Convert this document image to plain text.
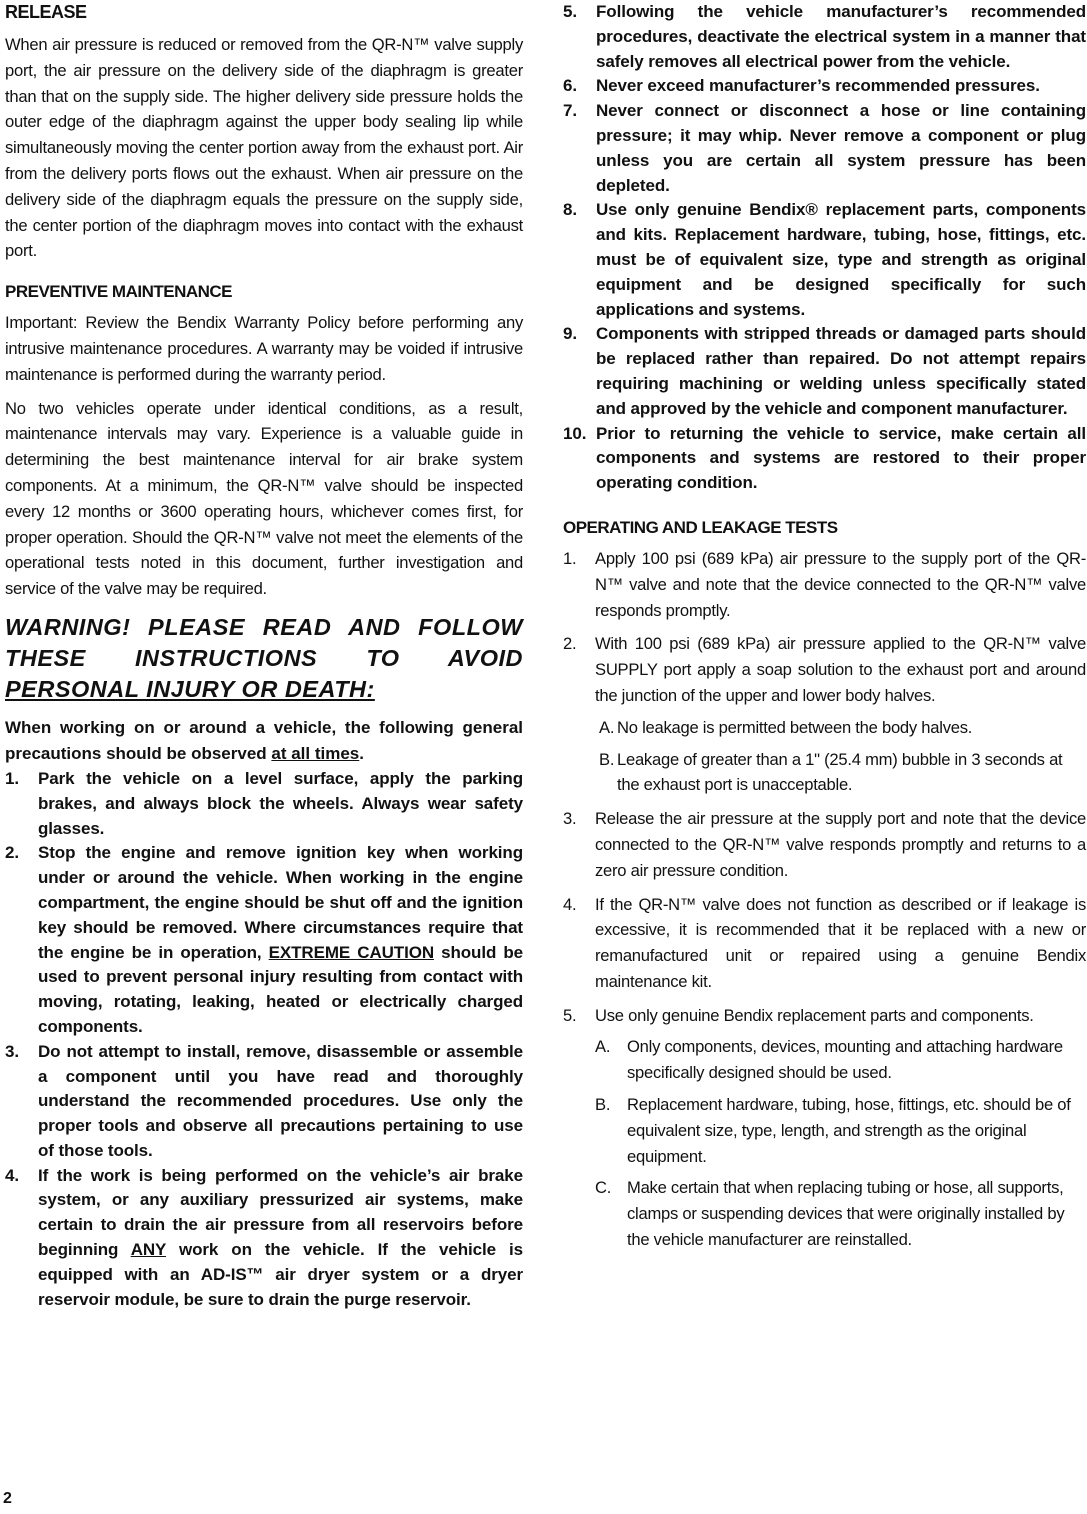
RELEASE

When air pressure is reduced or removed from the QR-N™ valve supply port, the air pressure on the delivery side of the diaphragm is greater than that on the supply side. The higher delivery side pressure holds the outer edge of the diaphragm against the upper body sealing lip while simultaneously moving the center portion away from the exhaust port. Air from the delivery ports flows out the exhaust. When air pressure on the delivery side of the diaphragm equals the pressure on the supply side, the center portion of the diaphragm moves into contact with the exhaust port.

PREVENTIVE MAINTENANCE

Important: Review the Bendix Warranty Policy before performing any intrusive maintenance procedures. A warranty may be voided if intrusive maintenance is performed during the warranty period.

No two vehicles operate under identical conditions, as a result, maintenance intervals may vary. Experience is a valuable guide in determining the best maintenance interval for air brake system components. At a minimum, the QR-N™ valve should be inspected every 12 months or 3600 operating hours, whichever comes first, for proper operation. Should the QR-N™ valve not meet the elements of the operational tests noted in this document, further investigation and service of the valve may be required.

WARNING! PLEASE READ AND FOLLOW
THESE INSTRUCTIONS TO AVOID
PERSONAL INJURY OR DEATH:

When working on or around a vehicle, the following general precautions should be observed at all times.

1. Park the vehicle on a level surface, apply the parking brakes, and always block the wheels. Always wear safety glasses.
2. Stop the engine and remove ignition key when working under or around the vehicle. When working in the engine compartment, the engine should be shut off and the ignition key should be removed. Where circumstances require that the engine be in operation, EXTREME CAUTION should be used to prevent personal injury resulting from contact with moving, rotating, leaking, heated or electrically charged components.
3. Do not attempt to install, remove, disassemble or assemble a component until you have read and thoroughly understand the recommended procedures. Use only the proper tools and observe all precautions pertaining to use of those tools.
4. If the work is being performed on the vehicle’s air brake system, or any auxiliary pressurized air systems, make certain to drain the air pressure from all reservoirs before beginning ANY work on the vehicle. If the vehicle is equipped with an AD-IS™ air dryer system or a dryer reservoir module, be sure to drain the purge reservoir.
5. Following the vehicle manufacturer’s recommended procedures, deactivate the electrical system in a manner that safely removes all electrical power from the vehicle.
6. Never exceed manufacturer’s recommended pressures.
7. Never connect or disconnect a hose or line containing pressure; it may whip. Never remove a component or plug unless you are certain all system pressure has been depleted.
8. Use only genuine Bendix® replacement parts, components and kits. Replacement hardware, tubing, hose, fittings, etc. must be of equivalent size, type and strength as original equipment and be designed specifically for such applications and systems.
9. Components with stripped threads or damaged parts should be replaced rather than repaired. Do not attempt repairs requiring machining or welding unless specifically stated and approved by the vehicle and component manufacturer.
10. Prior to returning the vehicle to service, make certain all components and systems are restored to their proper operating condition.

OPERATING AND LEAKAGE TESTS

1. Apply 100 psi (689 kPa) air pressure to the supply port of the QR-N™ valve and note that the device connected to the QR-N™ valve responds promptly.
2. With 100 psi (689 kPa) air pressure applied to the QR-N™ valve SUPPLY port apply a soap solution to the exhaust port and around the junction of the upper and lower body halves.
A. No leakage is permitted between the body halves.
B. Leakage of greater than a 1" (25.4 mm) bubble in 3 seconds at the exhaust port is unacceptable.
3. Release the air pressure at the supply port and note that the device connected to the QR-N™ valve responds promptly and returns to a zero air pressure condition.
4. If the QR-N™ valve does not function as described or if leakage is excessive, it is recommended that it be replaced with a new or remanufactured unit or repaired using a genuine Bendix maintenance kit.
5. Use only genuine Bendix replacement parts and components.
A. Only components, devices, mounting and attaching hardware specifically designed should be used.
B. Replacement hardware, tubing, hose, fittings, etc. should be of equivalent size, type, length, and strength as the original equipment.
C. Make certain that when replacing tubing or hose, all supports, clamps or suspending devices that were originally installed by the vehicle manufacturer are reinstalled.
2
